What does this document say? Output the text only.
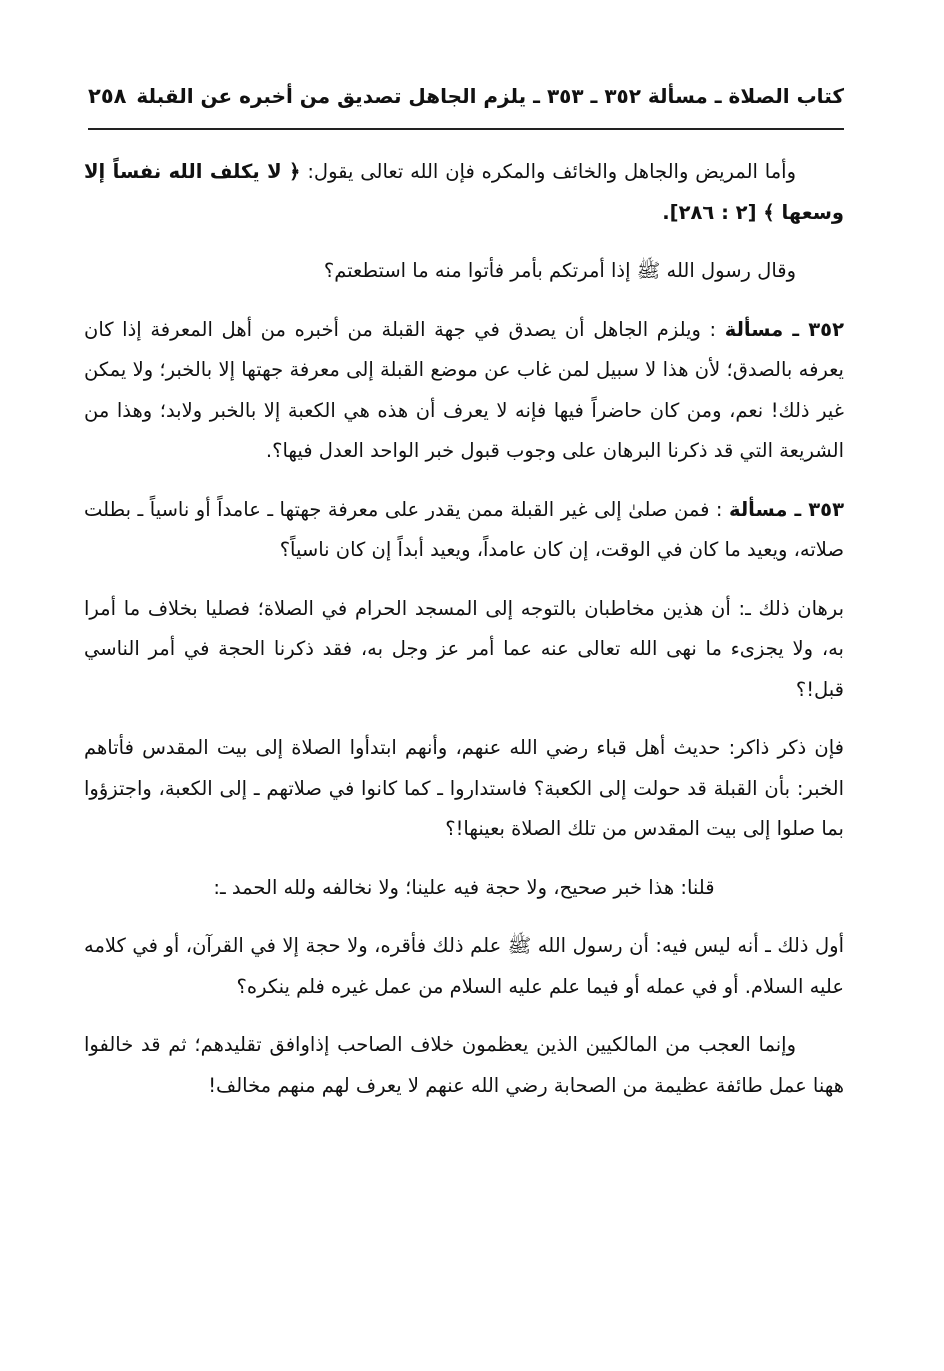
كتاب الصلاة ـ مسألة ٣٥٢ ـ ٣٥٣ ـ يلزم الجاهل تصديق من أخبره عن القبلة
٢٥٨

وأما المريض والجاهل والخائف والمكره فإن الله تعالى يقول: ﴿ لا يكلف الله نفساً إلا وسعها ﴾ [٢ : ٢٨٦].

وقال رسول الله ﷺ إذا أمرتكم بأمر فأتوا منه ما استطعتم؟

٣٥٢ ـ مسألة : ويلزم الجاهل أن يصدق في جهة القبلة من أخبره من أهل المعرفة إذا كان يعرفه بالصدق؛ لأن هذا لا سبيل لمن غاب عن موضع القبلة إلى معرفة جهتها إلا بالخبر؛ ولا يمكن غير ذلك! نعم، ومن كان حاضراً فيها فإنه لا يعرف أن هذه هي الكعبة إلا بالخبر ولابد؛ وهذا من الشريعة التي قد ذكرنا البرهان على وجوب قبول خبر الواحد العدل فيها؟.

٣٥٣ ـ مسألة : فمن صلىٰ إلى غير القبلة ممن يقدر على معرفة جهتها ـ عامداً أو ناسياً ـ بطلت صلاته، ويعيد ما كان في الوقت، إن كان عامداً، ويعيد أبداً إن كان ناسياً؟

برهان ذلك ـ: أن هذين مخاطبان بالتوجه إلى المسجد الحرام في الصلاة؛ فصليا بخلاف ما أمرا به، ولا يجزىء ما نهى الله تعالى عنه عما أمر عز وجل به، فقد ذكرنا الحجة في أمر الناسي قبل!؟

فإن ذكر ذاكر: حديث أهل قباء رضي الله عنهم، وأنهم ابتدأوا الصلاة إلى بيت المقدس فأتاهم الخبر: بأن القبلة قد حولت إلى الكعبة؟ فاستداروا ـ كما كانوا في صلاتهم ـ إلى الكعبة، واجتزؤوا بما صلوا إلى بيت المقدس من تلك الصلاة بعينها!؟

قلنا: هذا خبر صحيح، ولا حجة فيه علينا؛ ولا نخالفه ولله الحمد ـ:

أول ذلك ـ أنه ليس فيه: أن رسول الله ﷺ علم ذلك فأقره، ولا حجة إلا في القرآن، أو في كلامه عليه السلام. أو في عمله أو فيما علم عليه السلام من عمل غيره فلم ينكره؟

وإنما العجب من المالكيين الذين يعظمون خلاف الصاحب إذاوافق تقليدهم؛ ثم قد خالفوا ههنا عمل طائفة عظيمة من الصحابة رضي الله عنهم لا يعرف لهم منهم مخالف!
